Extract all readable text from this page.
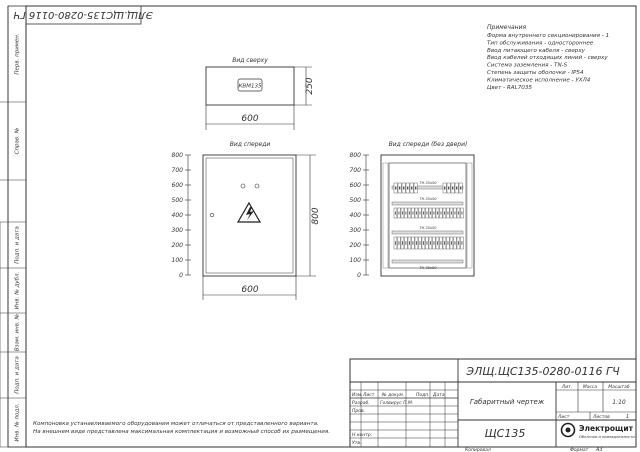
ЭЛЩ.ЩС135-0280-0116 ГЧ
Перв. примен.
Справ. №
Подп. и дата
Инв. № дубл.
Взам. инв. №
Подп. и дата
Инв. № подл.
Вид сверху
КВМ135	250
600
Вид спереди
800
700
600
500
400
300
200
100
0
800
600
Вид спереди (без двери)
800
700
600
500
400
300
200
100
0
ТН-35х50
ТН-35х50
ТН-35х50
ТН-35х50
Примечания
Форма внутреннего секционирования - 1
Тип обслуживания - одностороннее
Ввод питающего кабеля - сверху
Ввод кабелей отходящих линий - сверху
Система заземления - TN-S
Степень защиты оболочки - IP54
Климатическое исполнение - УХЛ4
Цвет - RAL7035
Компоновка устанавливаемого оборудования может отличаться от представленного варианта.
На внешнем виде представлена максимальная комплектация и возможный способ их размещения.
ЭЛЩ.ЩС135-0280-0116 ГЧ
Габаритный чертеж
ЩС135
Изм. Лист № докум.	Подп. Дата
Разраб. Голвирус П.М.
Пров.
Н.контр.
Утв.
Лит. Масса Масштаб
1:10
Лист	Листов	1
Электрощит
Оболочки и принадлежности
Копировал	Формат А3
